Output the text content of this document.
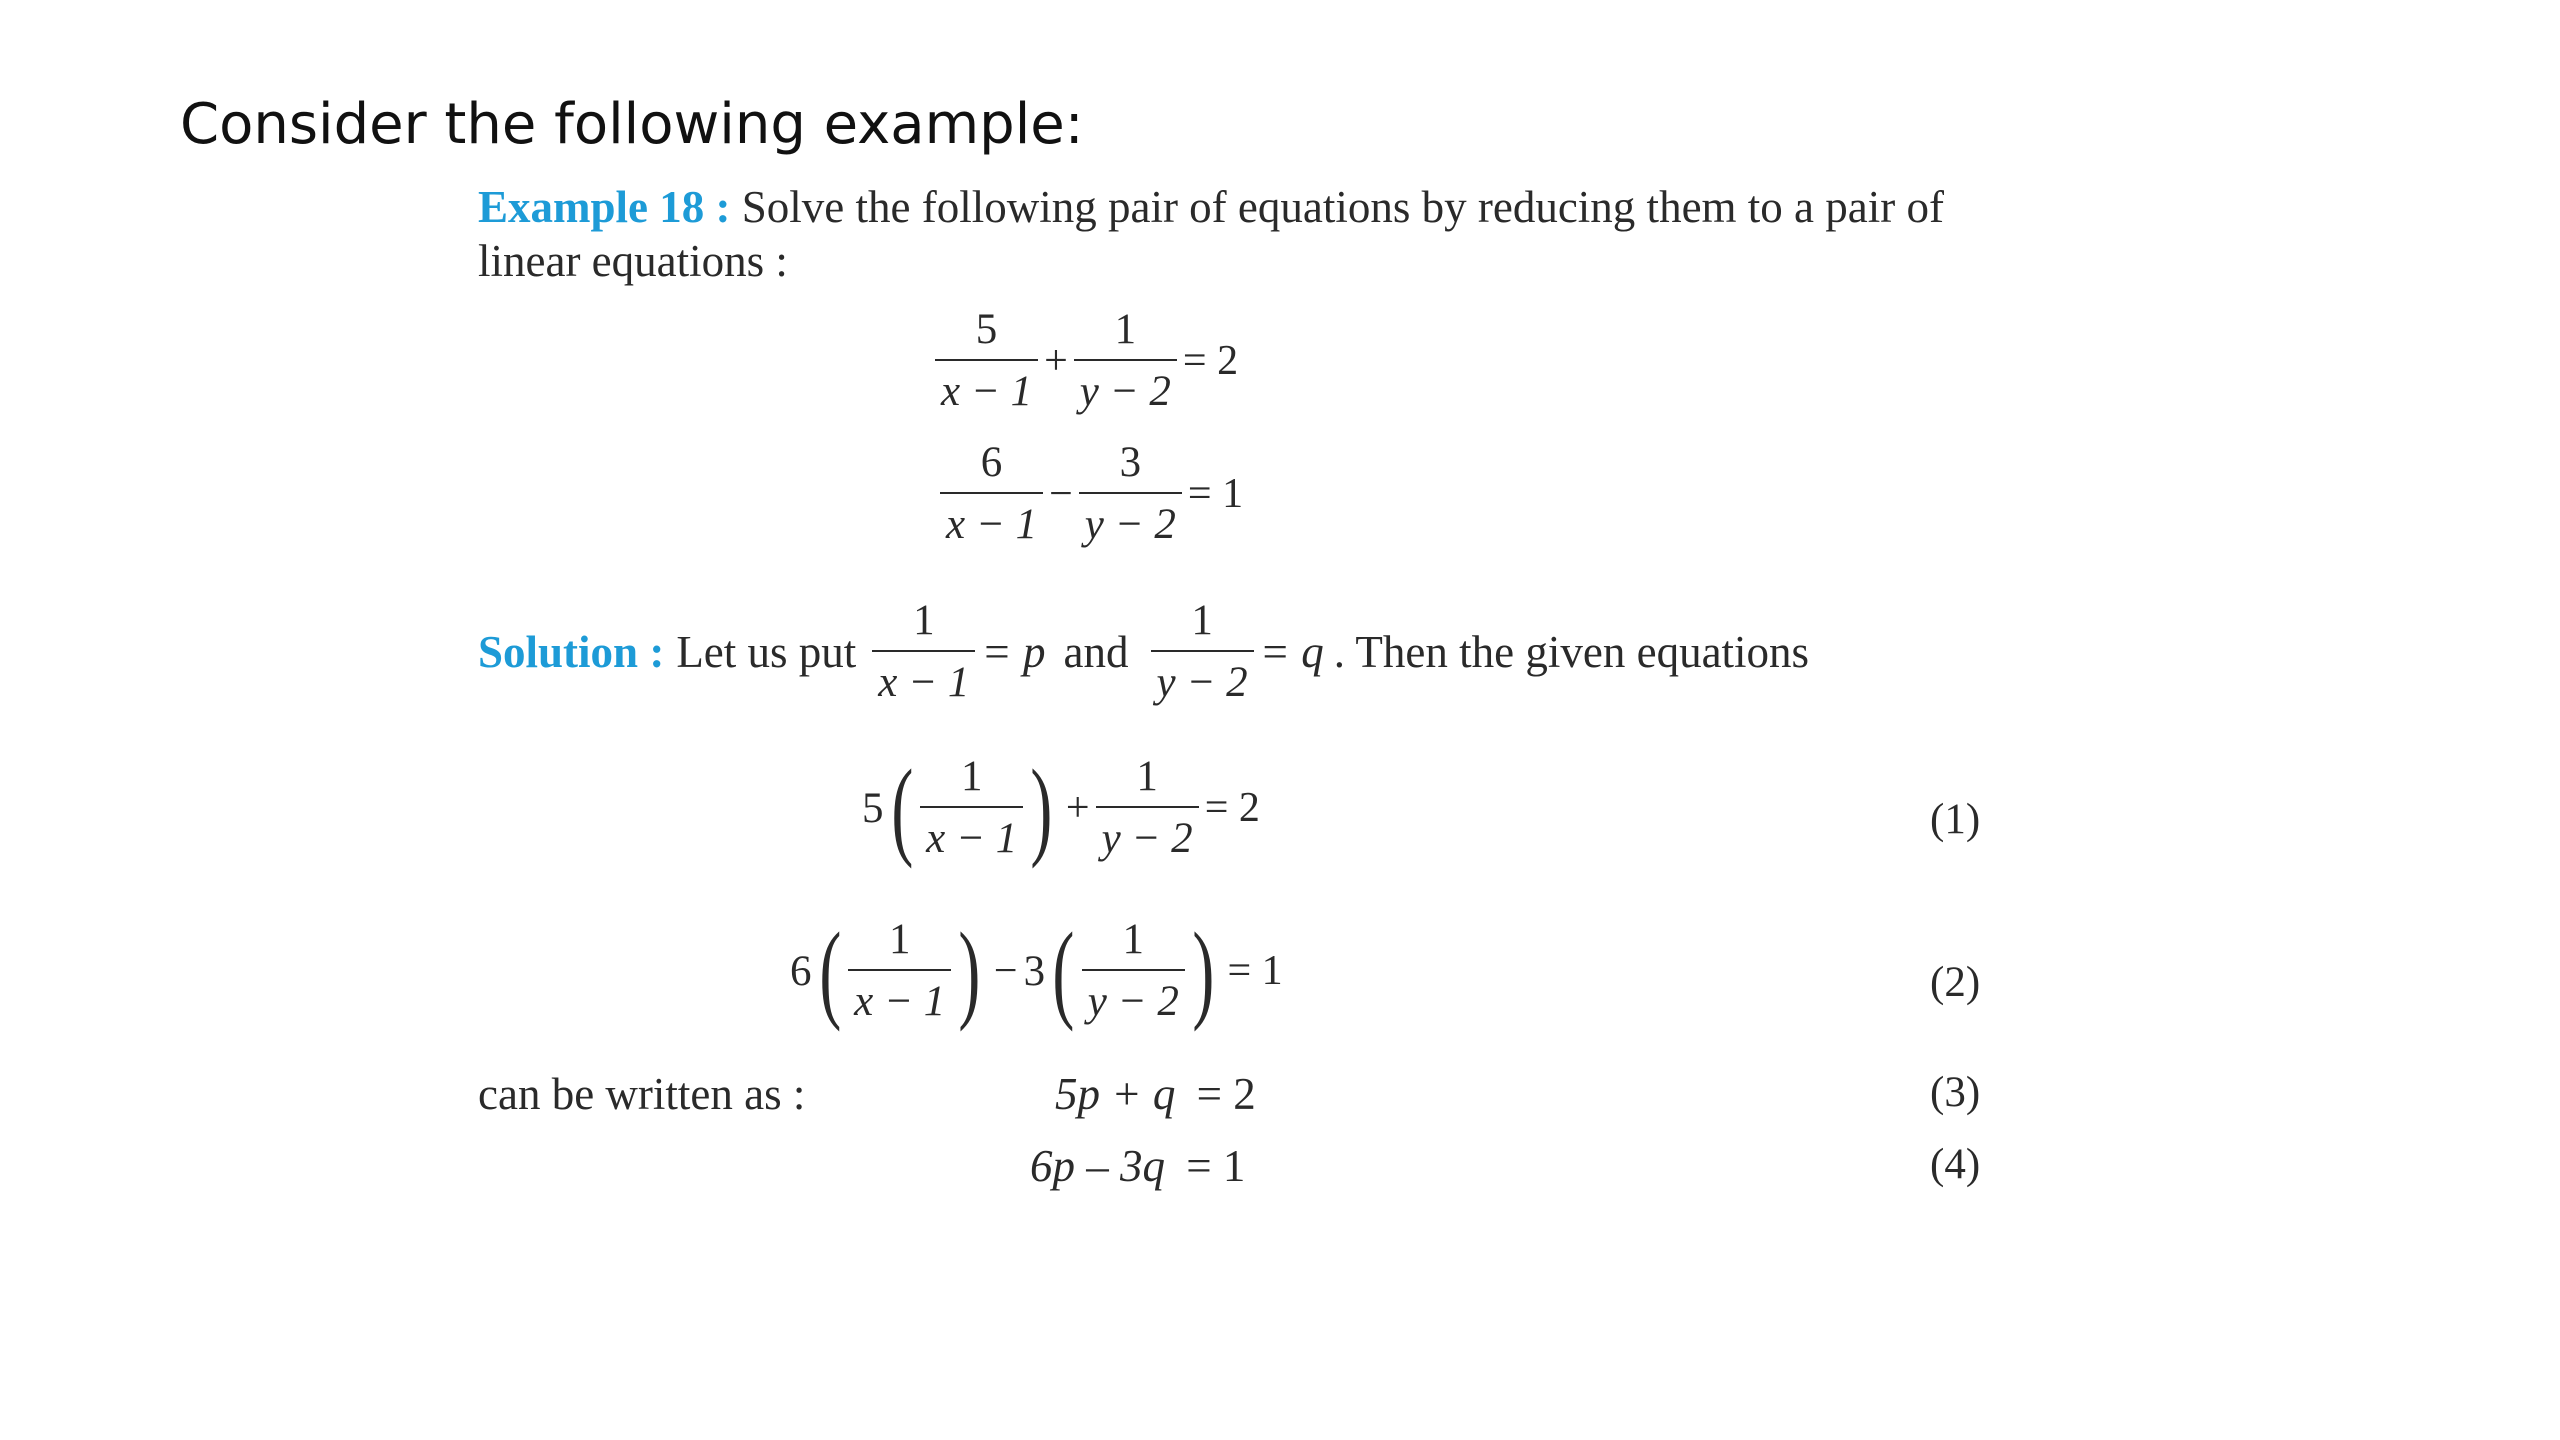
Consider the following example:
Example 18 : Solve the following pair of equations by reducing them to a pair of
linear equations :
$\frac{5}{x - 1} + \frac{1}{y - 2} = 2$
$\frac{6}{x - 1} - \frac{3}{y - 2} = 1$
Solution : Let us put $\frac{1}{x - 1} = p$ and $\frac{1}{y - 2} = q$ . Then the given equations
5 ( $\frac{1}{x - 1}$ ) + $\frac{1}{y - 2} = 2$	(1)
6 ( $\frac{1}{x - 1}$ ) − 3 ( $\frac{1}{y - 2}$ ) = 1	(2)
can be written as :	5p + q = 2	(3)
6p – 3q = 1	(4)
